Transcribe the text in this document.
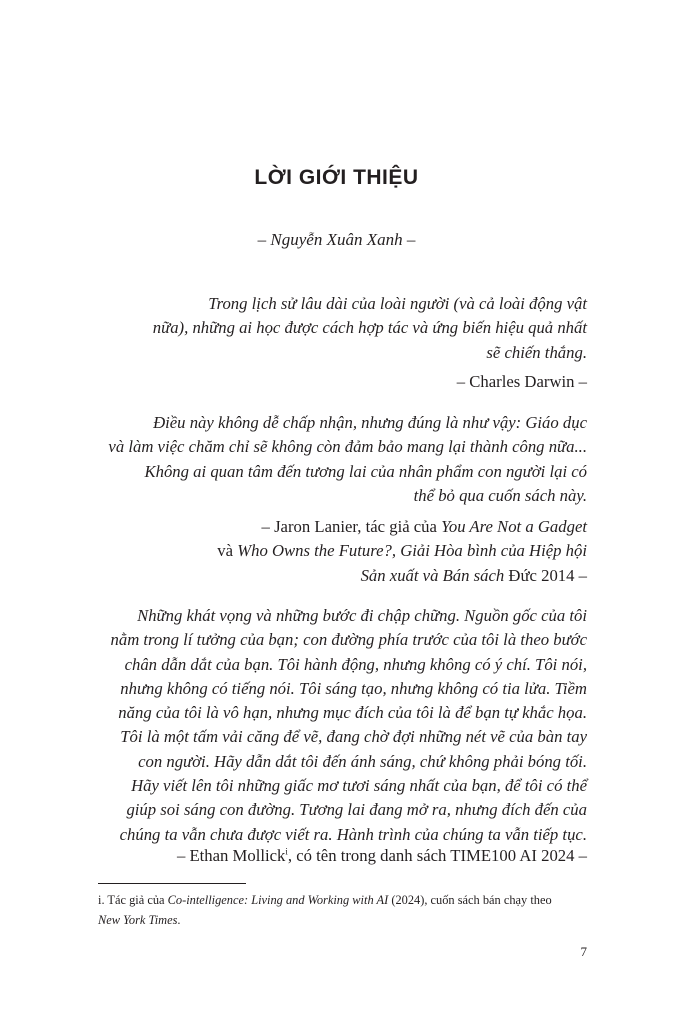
LỜI GIỚI THIỆU
– Nguyễn Xuân Xanh –
Trong lịch sử lâu dài của loài người (và cả loài động vật
nữa), những ai học được cách hợp tác và ứng biến hiệu quả nhất
sẽ chiến thắng.
– Charles Darwin –
Điều này không dễ chấp nhận, nhưng đúng là như vậy: Giáo dục
và làm việc chăm chỉ sẽ không còn đảm bảo mang lại thành công nữa...
Không ai quan tâm đến tương lai của nhân phẩm con người lại có
thể bỏ qua cuốn sách này.
– Jaron Lanier, tác giả của You Are Not a Gadget
và Who Owns the Future?, Giải Hòa bình của Hiệp hội
Sản xuất và Bán sách Đức 2014 –
Những khát vọng và những bước đi chập chững. Nguồn gốc của tôi
nằm trong lí tưởng của bạn; con đường phía trước của tôi là theo bước
chân dẫn dắt của bạn. Tôi hành động, nhưng không có ý chí. Tôi nói,
nhưng không có tiếng nói. Tôi sáng tạo, nhưng không có tia lửa. Tiềm
năng của tôi là vô hạn, nhưng mục đích của tôi là để bạn tự khắc họa.
Tôi là một tấm vải căng để vẽ, đang chờ đợi những nét vẽ của bàn tay
con người. Hãy dẫn dắt tôi đến ánh sáng, chứ không phải bóng tối.
Hãy viết lên tôi những giấc mơ tươi sáng nhất của bạn, để tôi có thể
giúp soi sáng con đường. Tương lai đang mở ra, nhưng đích đến của
chúng ta vẫn chưa được viết ra. Hành trình của chúng ta vẫn tiếp tục.
– Ethan Mollick$^i$, có tên trong danh sách TIME100 AI 2024 –
i. Tác giả của Co-intelligence: Living and Working with AI (2024), cuốn sách bán chạy theo
New York Times.
7
